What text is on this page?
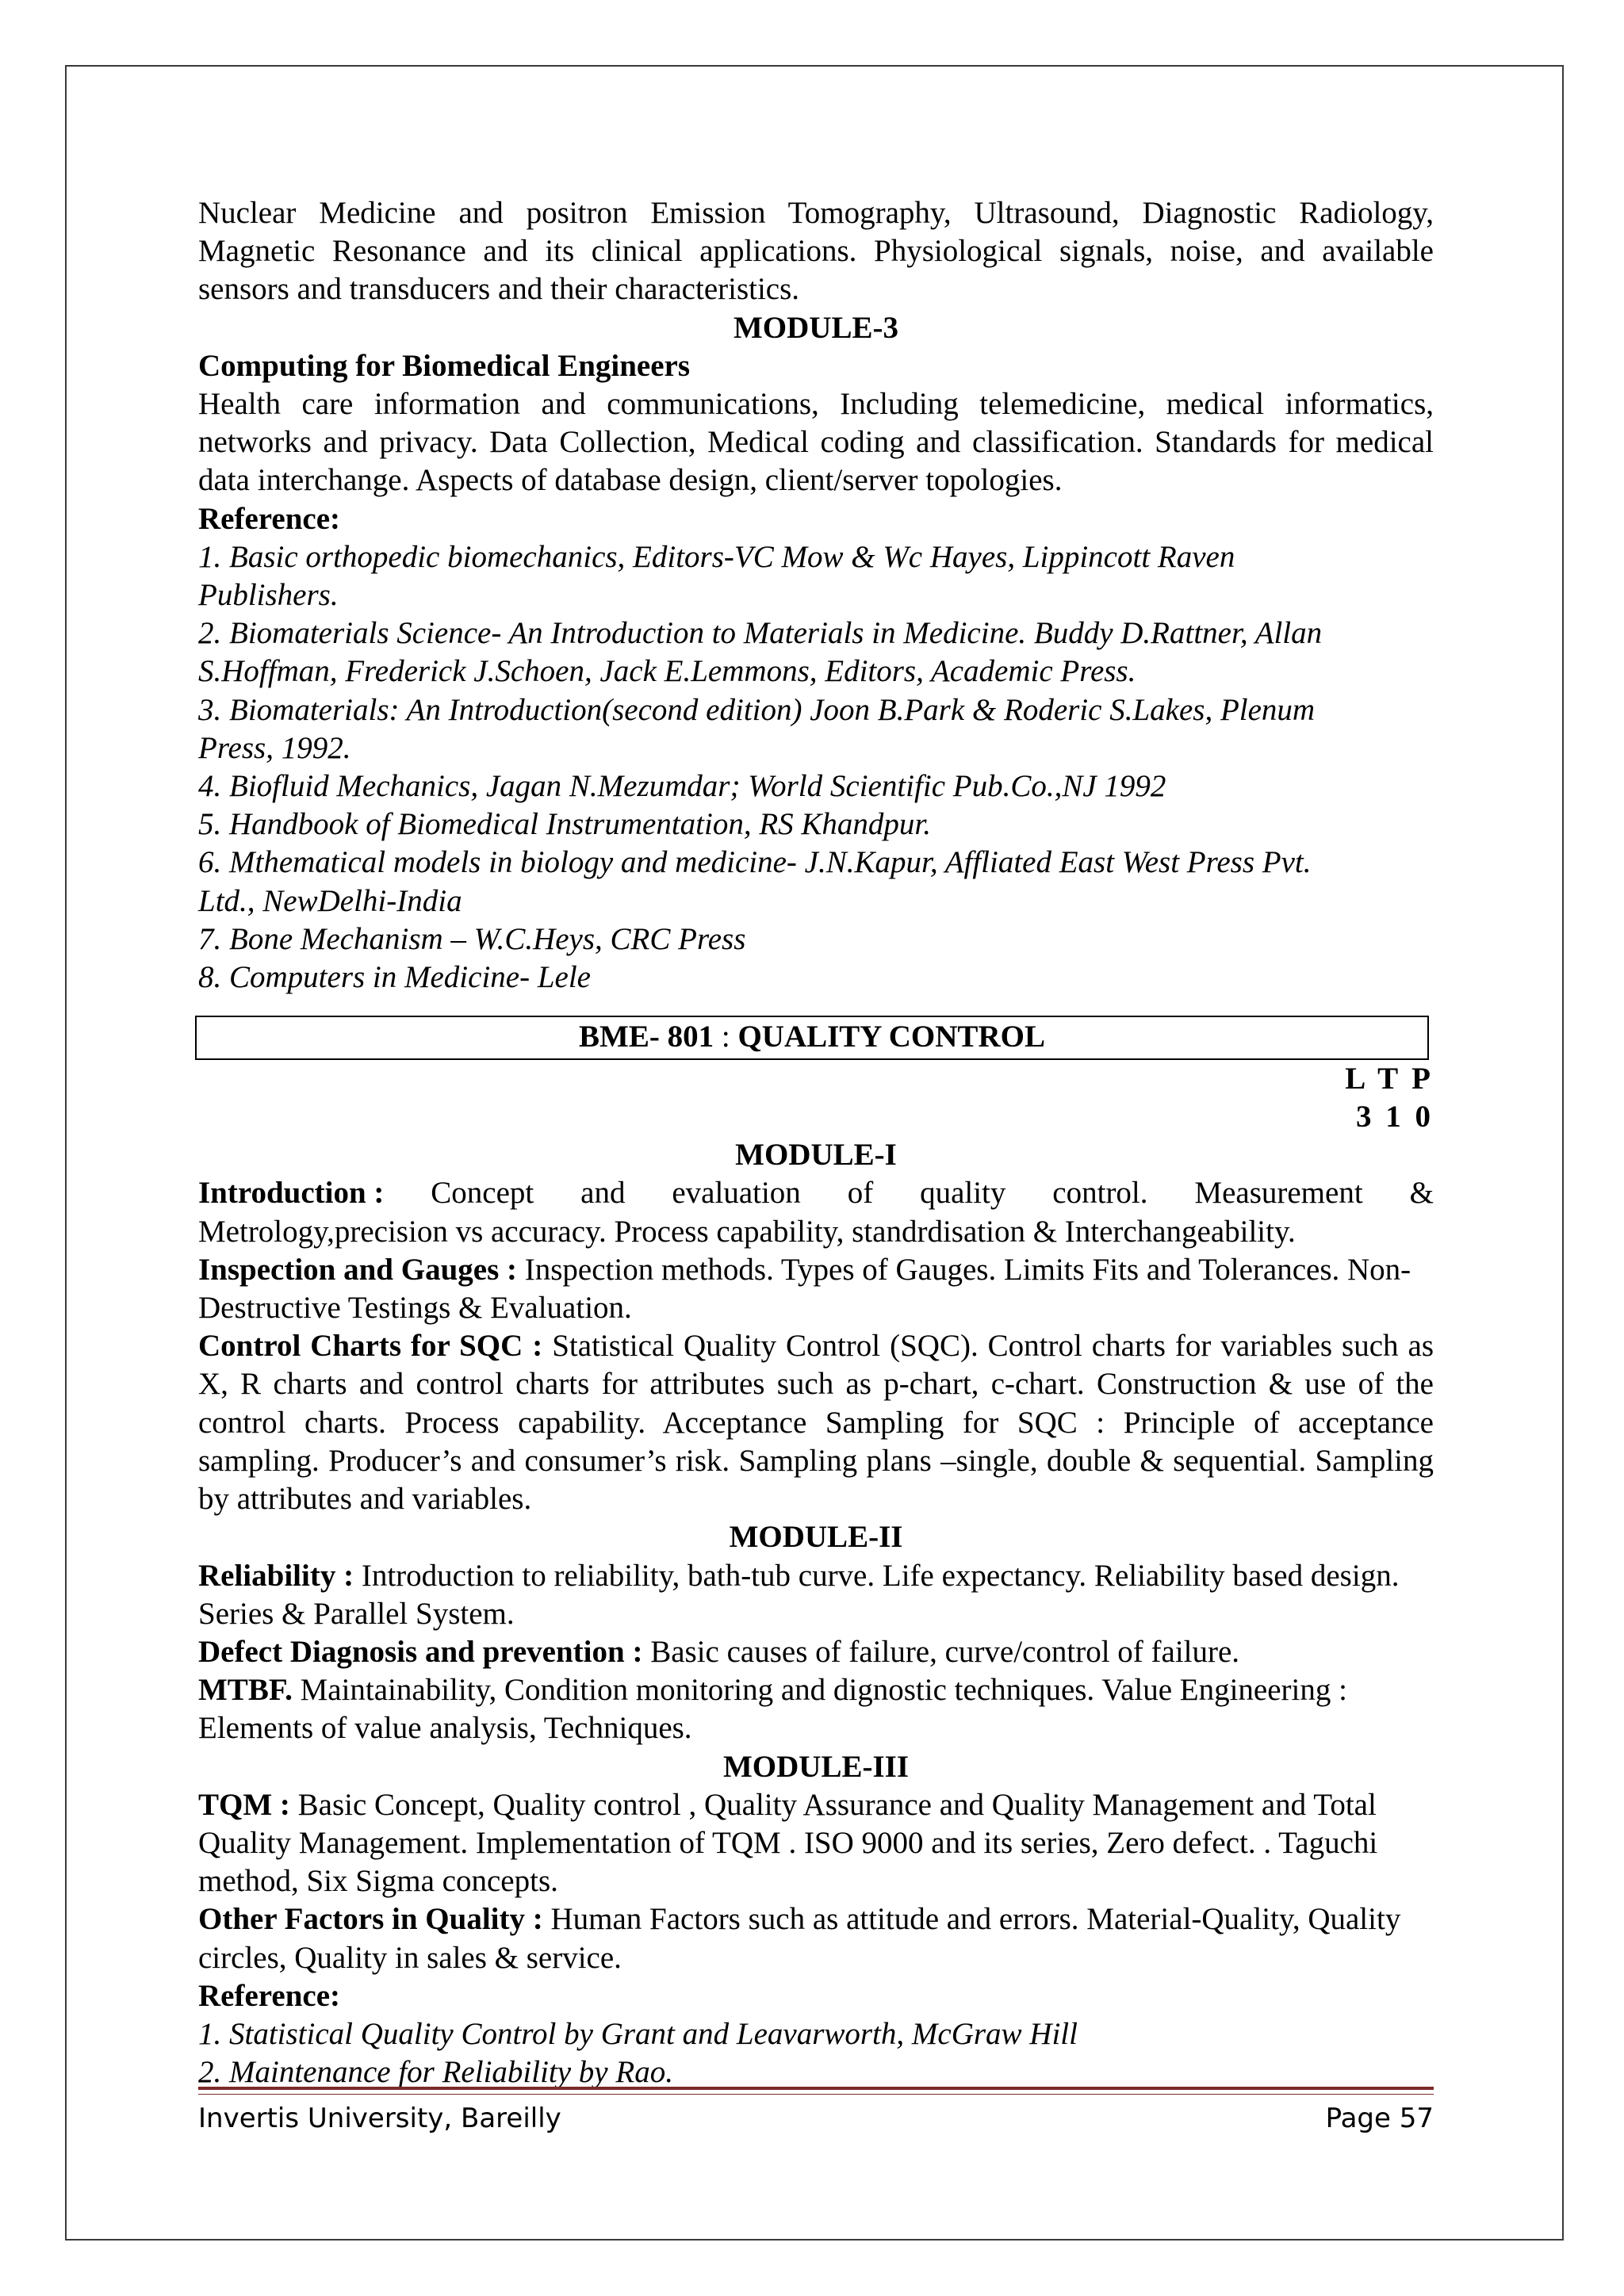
Nuclear Medicine and positron Emission Tomography, Ultrasound, Diagnostic Radiology, Magnetic Resonance and its clinical applications. Physiological signals, noise, and available sensors and transducers and their characteristics.

MODULE-3

Computing for Biomedical Engineers

Health care information and communications, Including telemedicine, medical informatics, networks and privacy. Data Collection, Medical coding and classification. Standards for medical data interchange. Aspects of database design, client/server topologies.

Reference:

1. Basic orthopedic biomechanics, Editors-VC Mow & Wc Hayes, Lippincott Raven
Publishers.

2. Biomaterials Science- An Introduction to Materials in Medicine. Buddy D.Rattner, Allan
S.Hoffman, Frederick J.Schoen, Jack E.Lemmons, Editors, Academic Press.

3. Biomaterials: An Introduction(second edition) Joon B.Park & Roderic S.Lakes, Plenum
Press, 1992.

4. Biofluid Mechanics, Jagan N.Mezumdar; World Scientific Pub.Co.,NJ 1992

5. Handbook of Biomedical Instrumentation, RS Khandpur.

6. Mthematical models in biology and medicine- J.N.Kapur, Affliated East West Press Pvt.
Ltd., NewDelhi-India

7. Bone Mechanism – W.C.Heys, CRC Press

8. Computers in Medicine- Lele

BME- 801 : QUALITY CONTROL

L T P

3 1 0

MODULE-I

Introduction : Concept and evaluation of quality control. Measurement &

Metrology,precision vs accuracy. Process capability, standrdisation & Interchangeability.

Inspection and Gauges : Inspection methods. Types of Gauges. Limits Fits and Tolerances. Non-Destructive Testings & Evaluation.

Control Charts for SQC : Statistical Quality Control (SQC). Control charts for variables such as X, R charts and control charts for attributes such as p-chart, c-chart. Construction & use of the control charts. Process capability. Acceptance Sampling for SQC : Principle of acceptance sampling. Producer’s and consumer’s risk. Sampling plans –single, double & sequential. Sampling by attributes and variables.

MODULE-II

Reliability : Introduction to reliability, bath-tub curve. Life expectancy. Reliability based design. Series & Parallel System.

Defect Diagnosis and prevention : Basic causes of failure, curve/control of failure.

MTBF. Maintainability, Condition monitoring and dignostic techniques. Value Engineering : Elements of value analysis, Techniques.

MODULE-III

TQM : Basic Concept, Quality control , Quality Assurance and Quality Management and Total Quality Management. Implementation of TQM . ISO 9000 and its series, Zero defect. . Taguchi method, Six Sigma concepts.

Other Factors in Quality : Human Factors such as attitude and errors. Material-Quality, Quality circles, Quality in sales & service.

Reference:

1. Statistical Quality Control by Grant and Leavarworth, McGraw Hill

2. Maintenance for Reliability by Rao.

Invertis University, Bareilly	Page 57
